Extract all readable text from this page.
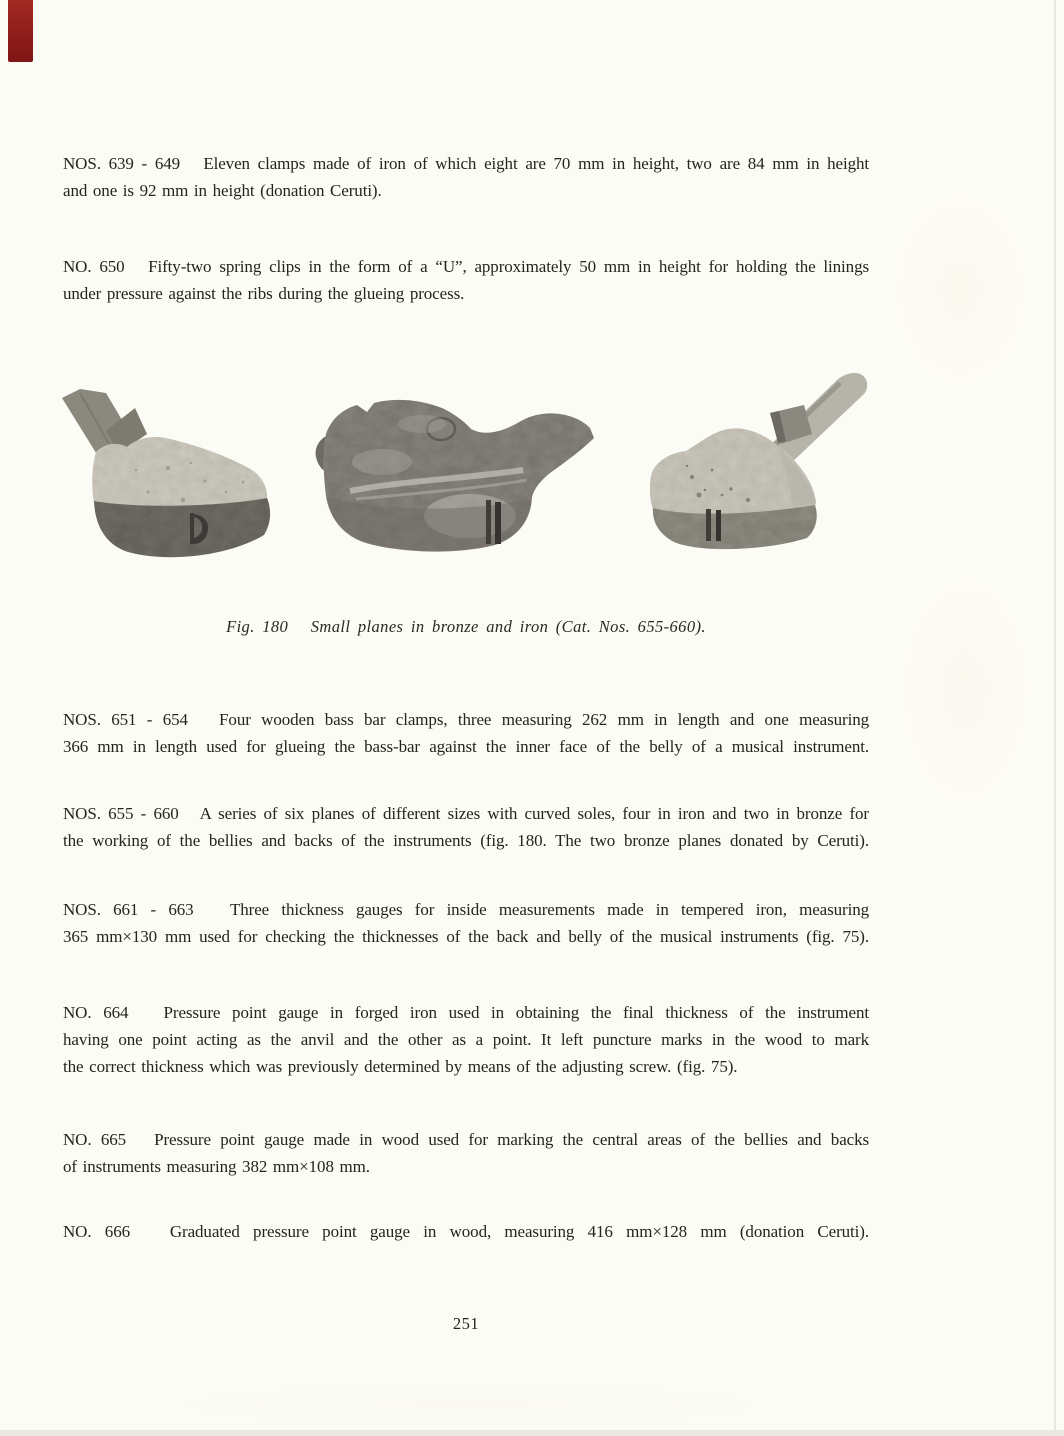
NOS. 639 - 649   Eleven clamps made of iron of which eight are 70 mm in height, two are 84 mm in height
and one is 92 mm in height (donation Ceruti).
NO. 650   Fifty-two spring clips in the form of a “U”, approximately 50 mm in height for holding the linings
under pressure against the ribs during the glueing process.
Fig. 180   Small planes in bronze and iron (Cat. Nos. 655-660).
NOS. 651 - 654   Four wooden bass bar clamps, three measuring 262 mm in length and one measuring
366 mm in length used for glueing the bass-bar against the inner face of the belly of a musical instrument.
NOS. 655 - 660   A series of six planes of different sizes with curved soles, four in iron and two in bronze for
the working of the bellies and backs of the instruments (fig. 180. The two bronze planes donated by Ceruti).
NOS. 661 - 663   Three thickness gauges for inside measurements made in tempered iron, measuring
365 mm×130 mm used for checking the thicknesses of the back and belly of the musical instruments (fig. 75).
NO. 664   Pressure point gauge in forged iron used in obtaining the final thickness of the instrument
having one point acting as the anvil and the other as a point. It left puncture marks in the wood to mark
the correct thickness which was previously determined by means of the adjusting screw. (fig. 75).
NO. 665   Pressure point gauge made in wood used for marking the central areas of the bellies and backs
of instruments measuring 382 mm×108 mm.
NO. 666   Graduated pressure point gauge in wood, measuring 416 mm×128 mm (donation Ceruti).
251
